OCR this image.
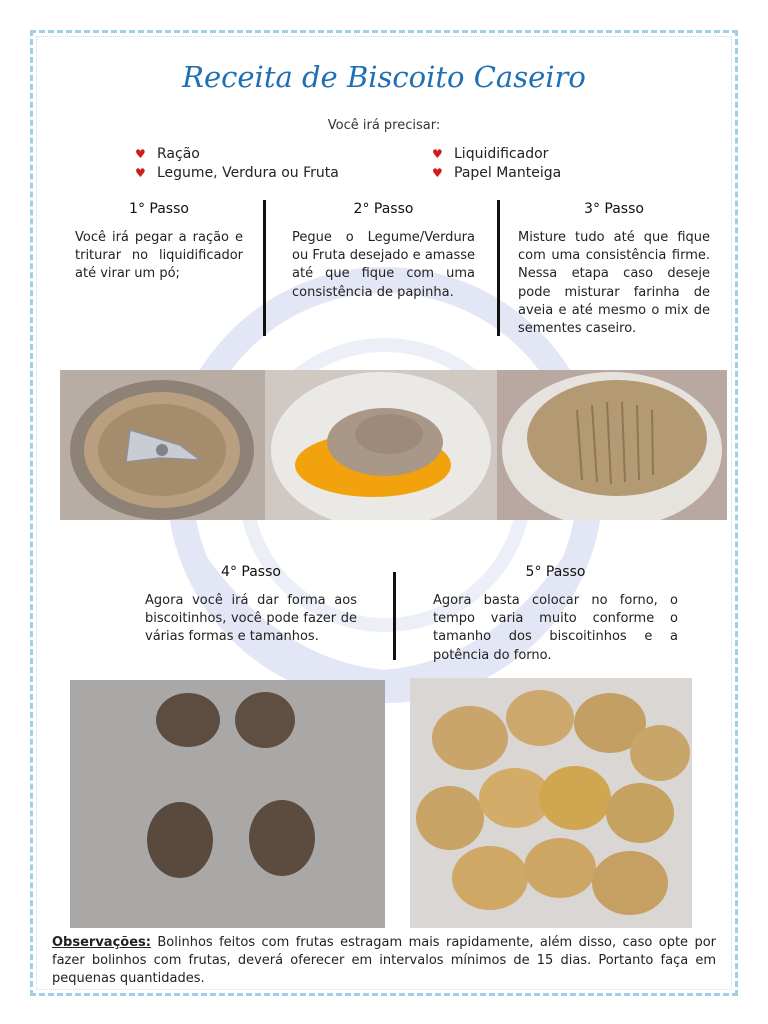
Receita de Biscoito Caseiro
Você irá precisar:
♥ Ração
♥ Legume, Verdura ou Fruta
♥ Liquidificador
♥ Papel Manteiga
1° Passo
Você irá pegar a ração e triturar no liquidificador até virar um pó;
2° Passo
Pegue o Legume/Verdura ou Fruta desejado e amasse até que fique com uma consistência de papinha.
3° Passo
Misture tudo até que fique com uma consistência firme. Nessa etapa caso deseje pode misturar farinha de aveia e até mesmo o mix de sementes caseiro.
4° Passo
Agora você irá dar forma aos biscoitinhos, você pode fazer de várias formas e tamanhos.
5° Passo
Agora basta colocar no forno, o tempo varia muito conforme o tamanho dos biscoitinhos e a potência do forno.
Observações: Bolinhos feitos com frutas estragam mais rapidamente, além disso, caso opte por fazer bolinhos com frutas, deverá oferecer em intervalos mínimos de 15 dias. Portanto faça em pequenas quantidades.
